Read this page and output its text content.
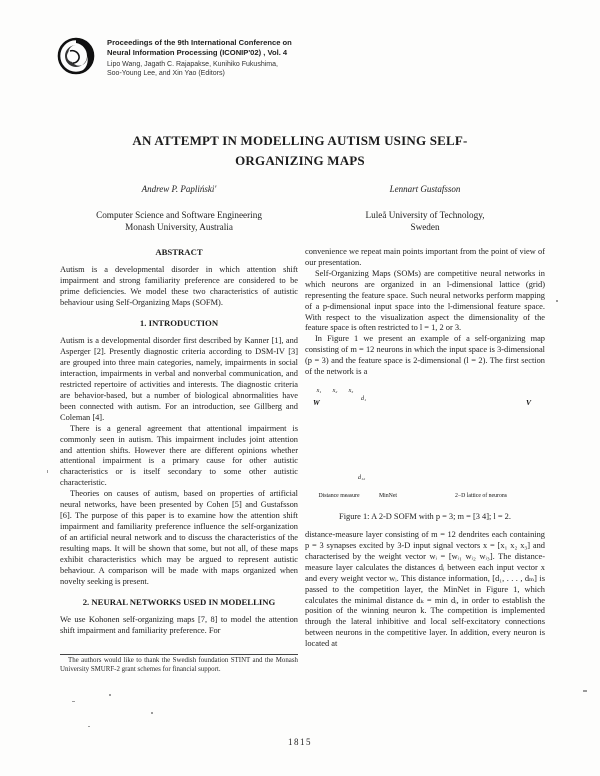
Proceedings of the 9th International Conference on
Neural Information Processing (ICONIP'02) , Vol. 4
Lipo Wang, Jagath C. Rajapakse, Kunihiko Fukushima,
Soo-Young Lee, and Xin Yao (Editors)
AN ATTEMPT IN MODELLING AUTISM USING SELF-ORGANIZING MAPS
Andrew P. Papliński′
Computer Science and Software Engineering
Monash University, Australia
Lennart Gustafsson
Luleå University of Technology,
Sweden
ABSTRACT

Autism is a developmental disorder in which attention shift impairment and strong familiarity preference are considered to be prime deficiencies. We model these two characteristics of autistic behaviour using Self-Organizing Maps (SOFM).

1. INTRODUCTION

Autism is a developmental disorder first described by Kanner [1], and Asperger [2]. Presently diagnostic criteria according to DSM-IV [3] are grouped into three main categories, namely, impairments in social interaction, impairments in verbal and nonverbal communication, and restricted repertoire of activities and interests. The diagnostic criteria are behavior-based, but a number of biological abnormalities have been connected with autism. For an introduction, see Gillberg and Coleman [4].

There is a general agreement that attentional impairment is commonly seen in autism. This impairment includes joint attention and attention shifts. However there are different opinions whether attentional impairment is a primary cause for other autistic characteristics or is itself secondary to some other autistic characteristic.

Theories on causes of autism, based on properties of artificial neural networks, have been presented by Cohen [5] and Gustafsson [6]. The purpose of this paper is to examine how the attention shift impairment and familiarity preference influence the self-organization of an artificial neural network and to discuss the characteristics of the resulting maps. It will be shown that some, but not all, of these maps exhibit characteristics which may be argued to represent autistic behaviour. A comparison will be made with maps organized when novelty seeking is present.

2. NEURAL NETWORKS USED IN MODELLING

We use Kohonen self-organizing maps [7, 8] to model the attention shift impairment and familiarity preference. For

The authors would like to thank the Swedish foundation STINT and the Monash University SMURF-2 grant schemes for financial support.

convenience we repeat main points important from the point of view of our presentation.

Self-Organizing Maps (SOMs) are competitive neural networks in which neurons are organized in an l-dimensional lattice (grid) representing the feature space. Such neural networks perform mapping of a p-dimensional input space into the l-dimensional feature space. With respect to the visualization aspect the dimensionality of the feature space is often restricted to l = 1, 2 or 3.

In Figure 1 we present an example of a self-organizing map consisting of m = 12 neurons in which the input space is 3-dimensional (p = 3) and the feature space is 2-dimensional (l = 2). The first section of the network is a

x₁ x₂ x₃
W	V
d₁
d₁₂
Distance measure	MinNet	2−D lattice of neurons
Figure 1: A 2-D SOFM with p = 3; m = [3 4]; l = 2.

distance-measure layer consisting of m = 12 dendrites each containing p = 3 synapses excited by 3-D input signal vectors x = [x₁ x₂ x₃] and characterised by the weight vector wᵢ = [wᵢ₁ wᵢ₂ wᵢ₃]. The distance-measure layer calculates the distances dᵢ between each input vector x and every weight vector wᵢ. This distance information, [d₁, . . . , dₘ] is passed to the competition layer, the MinNet in Figure 1, which calculates the minimal distance dₖ = min dᵢ, in order to establish the position of the winning neuron k. The competition is implemented through the lateral inhibitive and local self-excitatory connections between neurons in the competitive layer. In addition, every neuron is located at

1815
